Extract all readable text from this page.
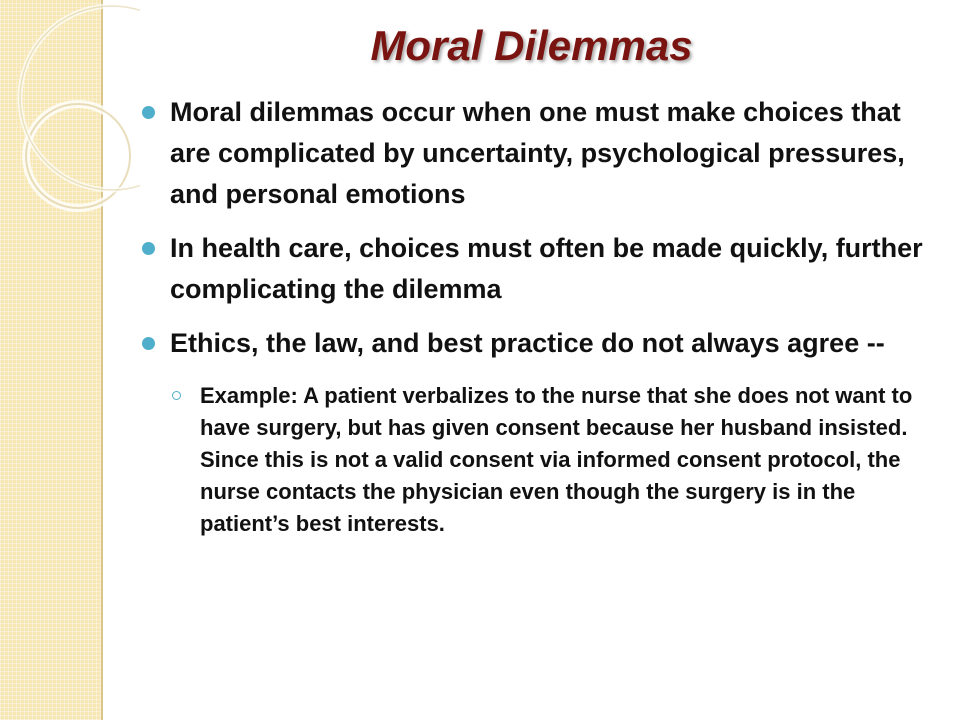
Moral Dilemmas
Moral dilemmas occur when one must make choices that are complicated by uncertainty, psychological pressures, and personal emotions
In health care, choices must often be made quickly, further complicating the dilemma
Ethics, the law, and best practice do not always agree --
Example: A patient verbalizes to the nurse that she does not want to have surgery, but has given consent because her husband insisted. Since this is not a valid consent via informed consent protocol, the nurse contacts the physician even though the surgery is in the patient’s best interests.
